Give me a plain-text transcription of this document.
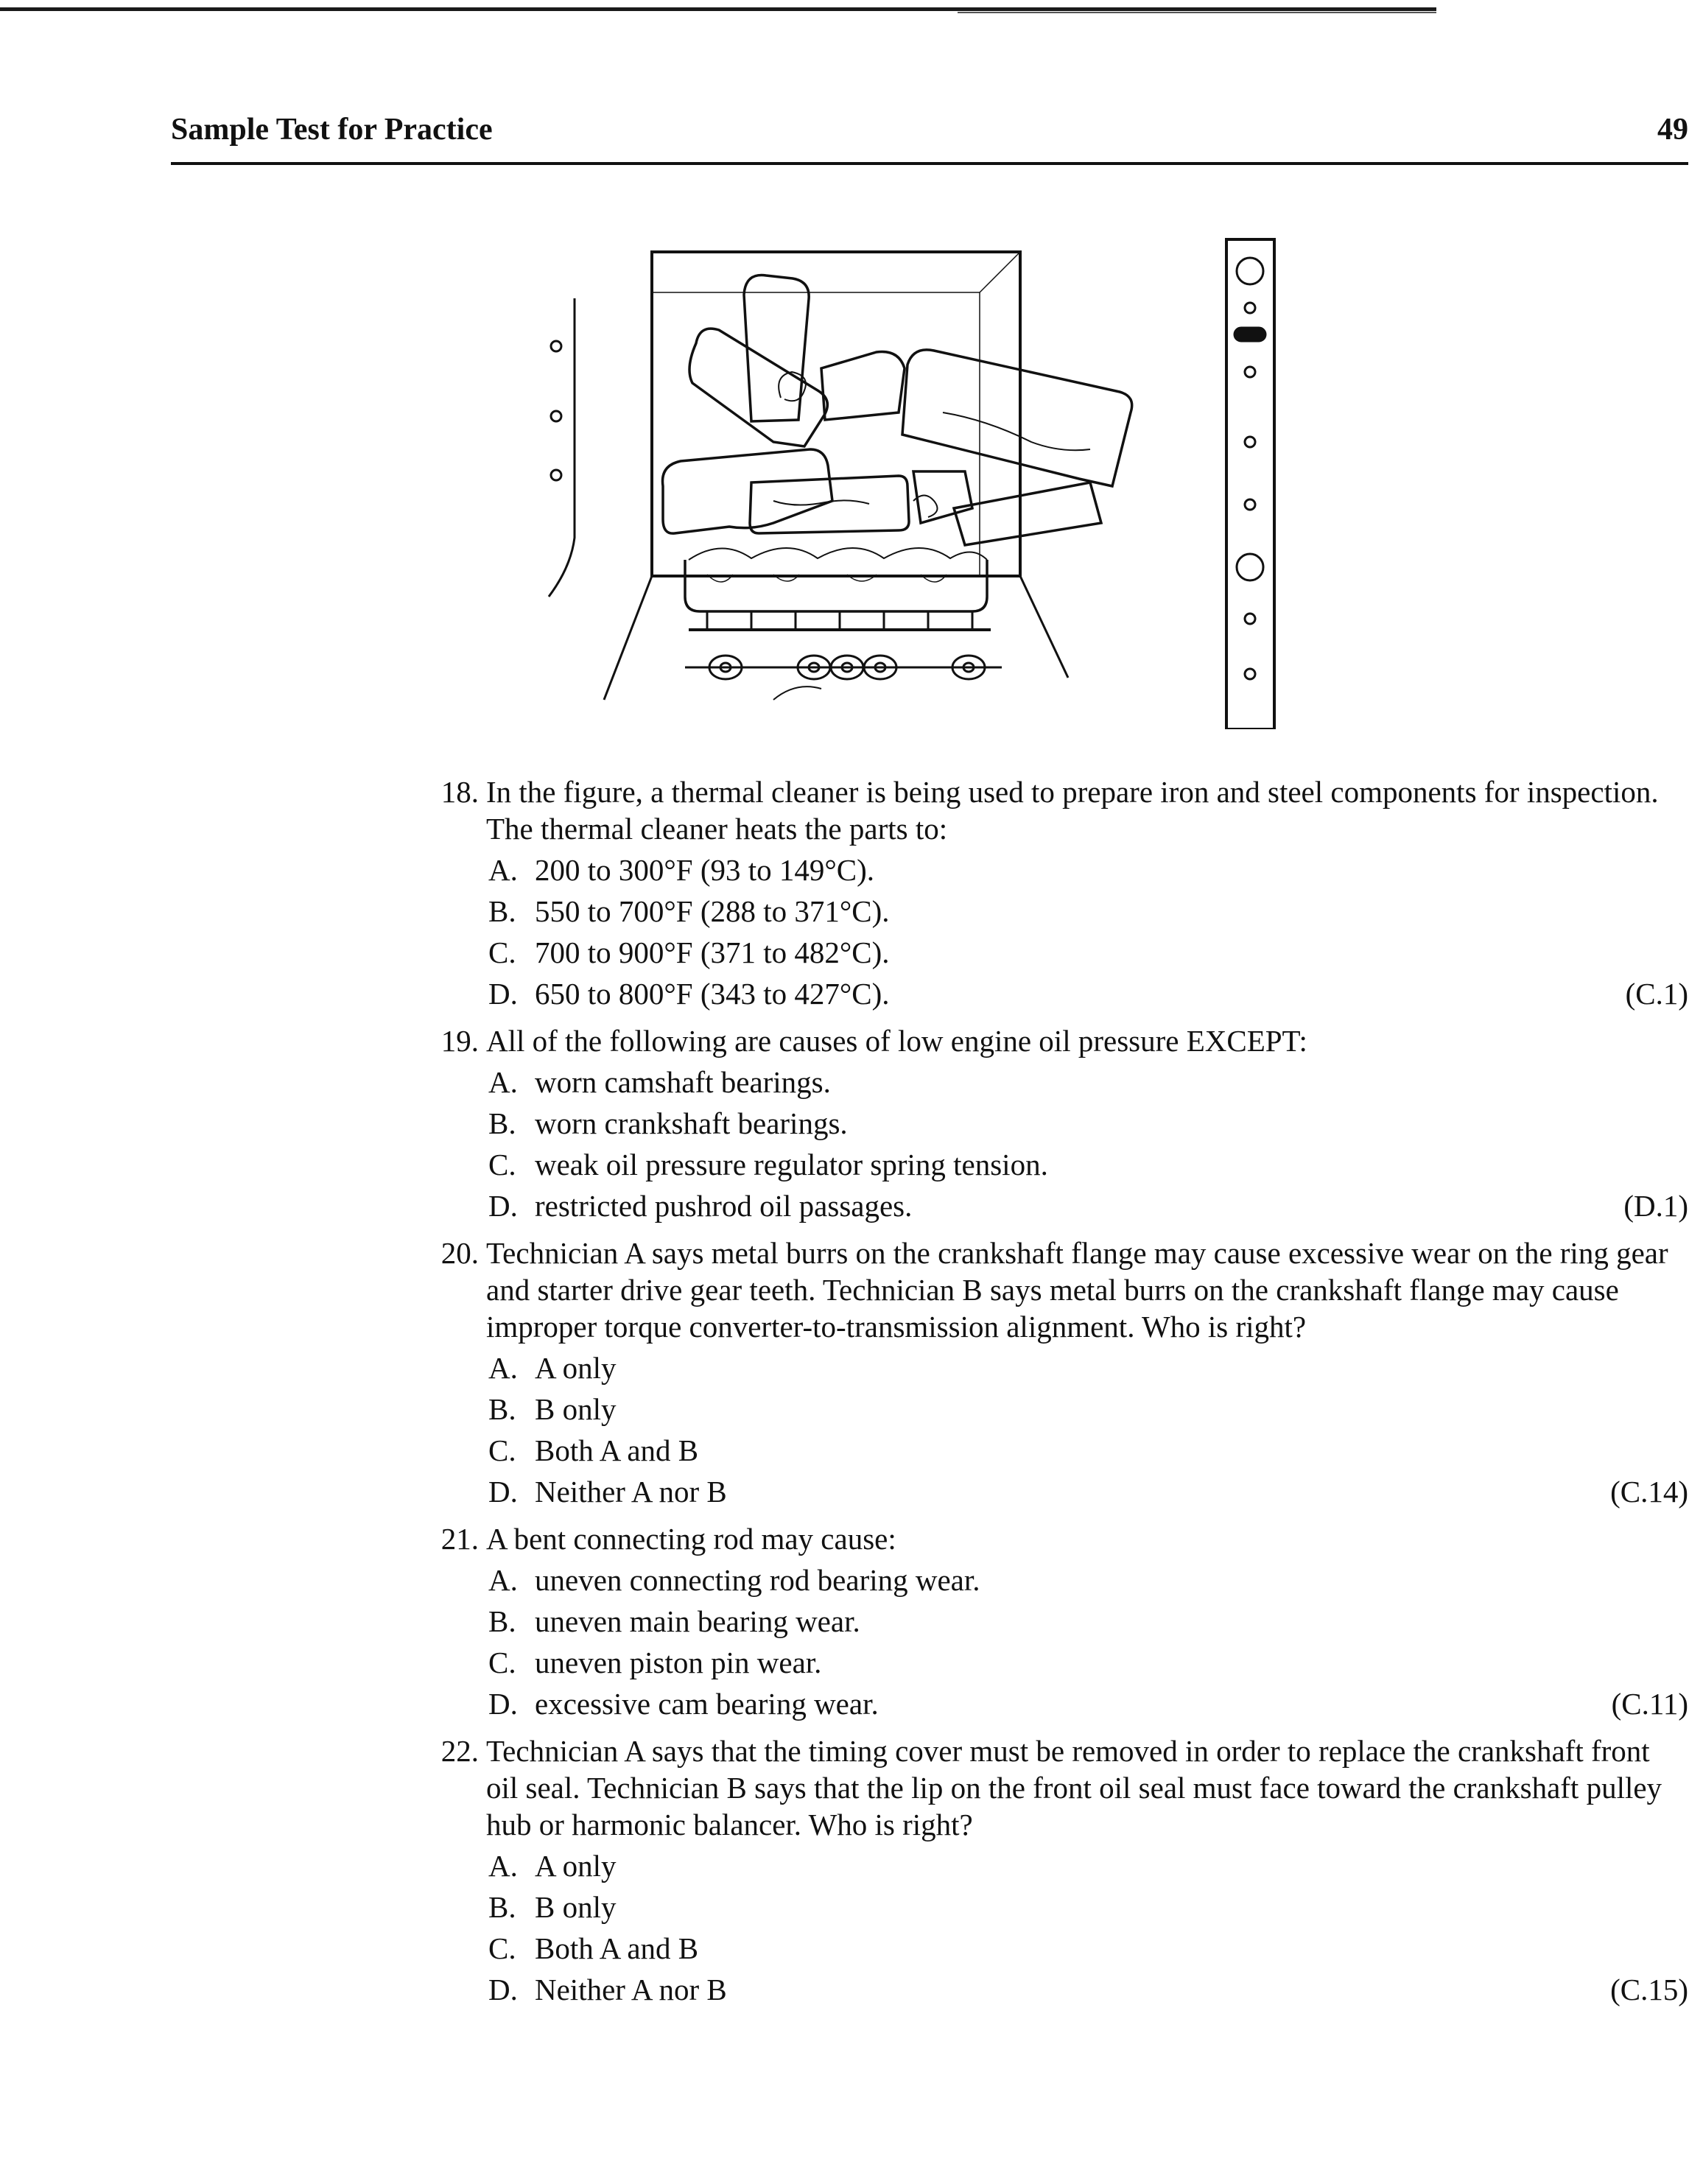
Sample Test for Practice	49
18. In the figure, a thermal cleaner is being used to prepare iron and steel components for inspection. The thermal cleaner heats the parts to:
A. 200 to 300°F (93 to 149°C).
B. 550 to 700°F (288 to 371°C).
C. 700 to 900°F (371 to 482°C).
D. 650 to 800°F (343 to 427°C).	(C.1)
19. All of the following are causes of low engine oil pressure EXCEPT:
A. worn camshaft bearings.
B. worn crankshaft bearings.
C. weak oil pressure regulator spring tension.
D. restricted pushrod oil passages.	(D.1)
20. Technician A says metal burrs on the crankshaft flange may cause excessive wear on the ring gear and starter drive gear teeth. Technician B says metal burrs on the crankshaft flange may cause improper torque converter-to-transmission alignment. Who is right?
A. A only
B. B only
C. Both A and B
D. Neither A nor B	(C.14)
21. A bent connecting rod may cause:
A. uneven connecting rod bearing wear.
B. uneven main bearing wear.
C. uneven piston pin wear.
D. excessive cam bearing wear.	(C.11)
22. Technician A says that the timing cover must be removed in order to replace the crankshaft front oil seal. Technician B says that the lip on the front oil seal must face toward the crankshaft pulley hub or harmonic balancer. Who is right?
A. A only
B. B only
C. Both A and B
D. Neither A nor B	(C.15)
